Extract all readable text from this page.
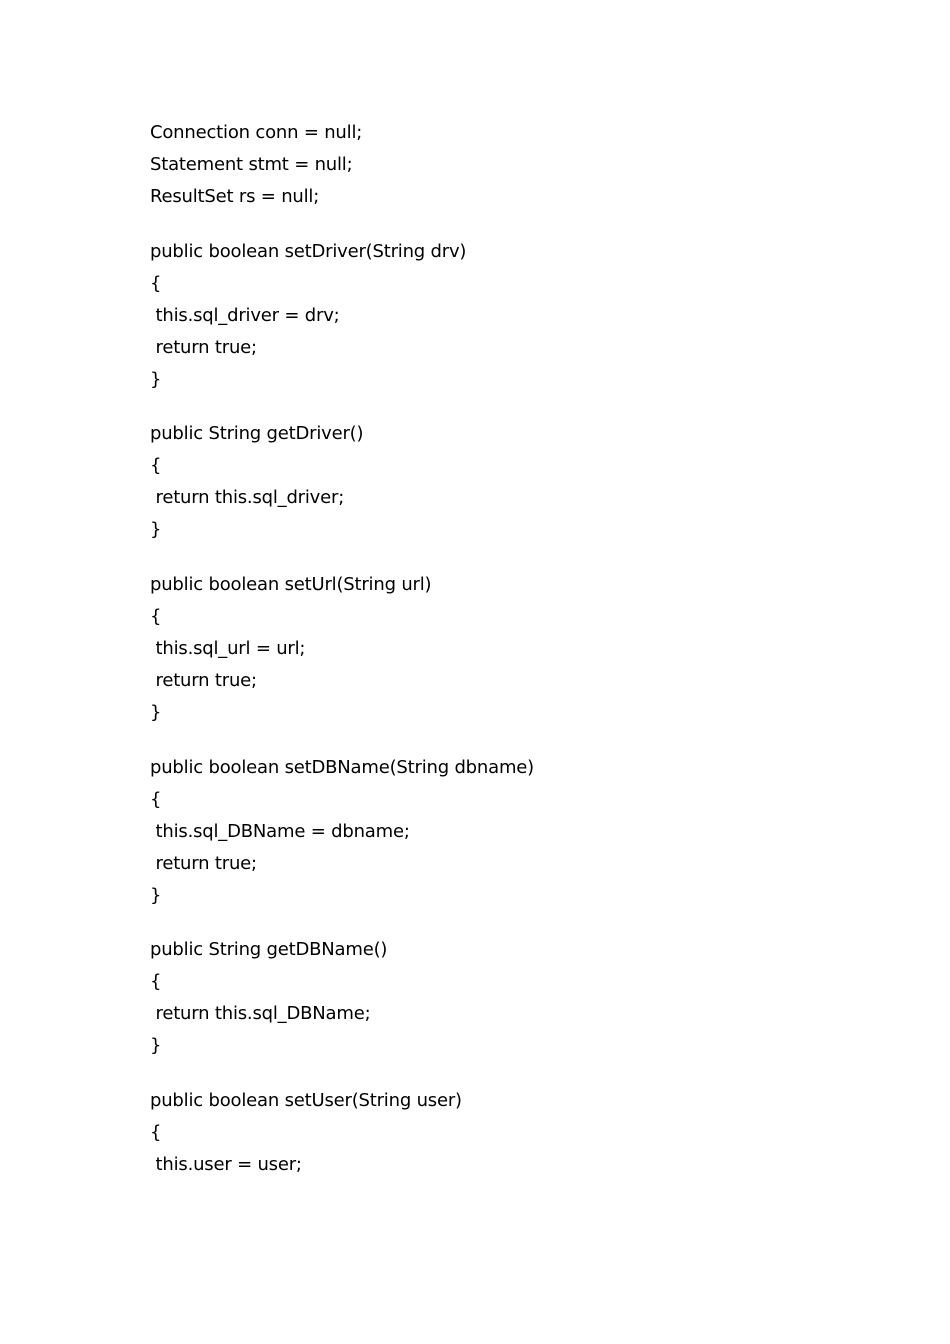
Connection conn = null;
Statement stmt = null;
ResultSet rs = null;
public boolean setDriver(String drv)
{
this.sql_driver = drv;
return true;
}
public String getDriver()
{
return this.sql_driver;
}
public boolean setUrl(String url)
{
this.sql_url = url;
return true;
}
public boolean setDBName(String dbname)
{
this.sql_DBName = dbname;
return true;
}
public String getDBName()
{
return this.sql_DBName;
}
public boolean setUser(String user)
{
this.user = user;
